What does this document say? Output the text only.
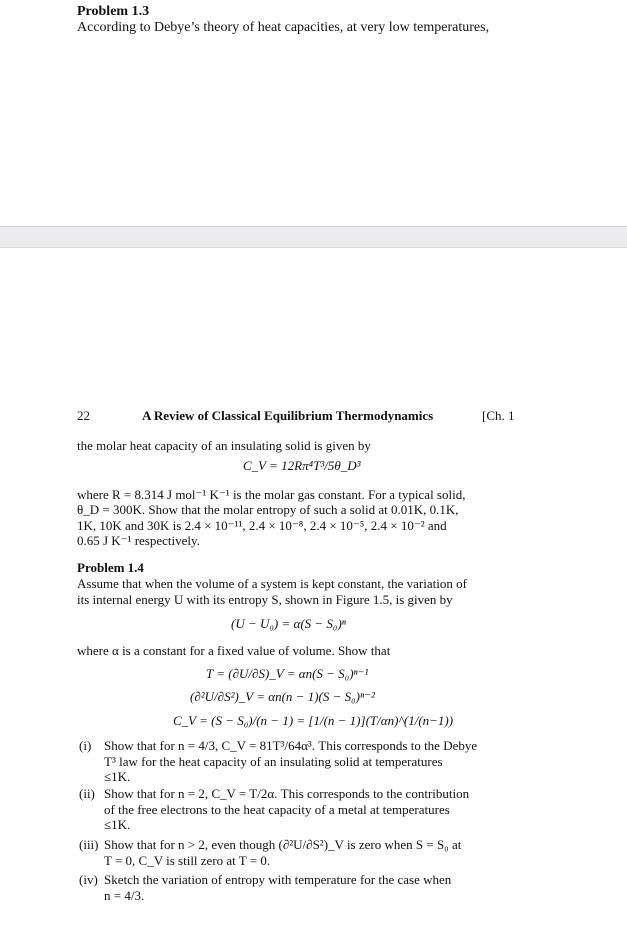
Problem 1.3
According to Debye’s theory of heat capacities, at very low temperatures,
22	A Review of Classical Equilibrium Thermodynamics	[Ch. 1
the molar heat capacity of an insulating solid is given by
C_V = 12Rπ⁴T³/5θ_D³
where R = 8.314 J mol⁻¹ K⁻¹ is the molar gas constant. For a typical solid,
θ_D = 300K. Show that the molar entropy of such a solid at 0.01K, 0.1K,
1K, 10K and 30K is 2.4 × 10⁻¹¹, 2.4 × 10⁻⁸, 2.4 × 10⁻⁵, 2.4 × 10⁻² and
0.65 J K⁻¹ respectively.
Problem 1.4
Assume that when the volume of a system is kept constant, the variation of
its internal energy U with its entropy S, shown in Figure 1.5, is given by
(U − U₀) = α(S − S₀)ⁿ
where α is a constant for a fixed value of volume. Show that
T = (∂U/∂S)_V = αn(S − S₀)ⁿ⁻¹
(∂²U/∂S²)_V = αn(n − 1)(S − S₀)ⁿ⁻²
C_V = (S − S₀)/(n − 1) = [1/(n − 1)](T/αn)^(1/(n−1))
(i) Show that for n = 4/3, C_V = 81T³/64α³. This corresponds to the Debye
T³ law for the heat capacity of an insulating solid at temperatures
≤1K.
(ii) Show that for n = 2, C_V = T/2α. This corresponds to the contribution
of the free electrons to the heat capacity of a metal at temperatures
≤1K.
(iii) Show that for n > 2, even though (∂²U/∂S²)_V is zero when S = S₀ at
T = 0, C_V is still zero at T = 0.
(iv) Sketch the variation of entropy with temperature for the case when
n = 4/3.
